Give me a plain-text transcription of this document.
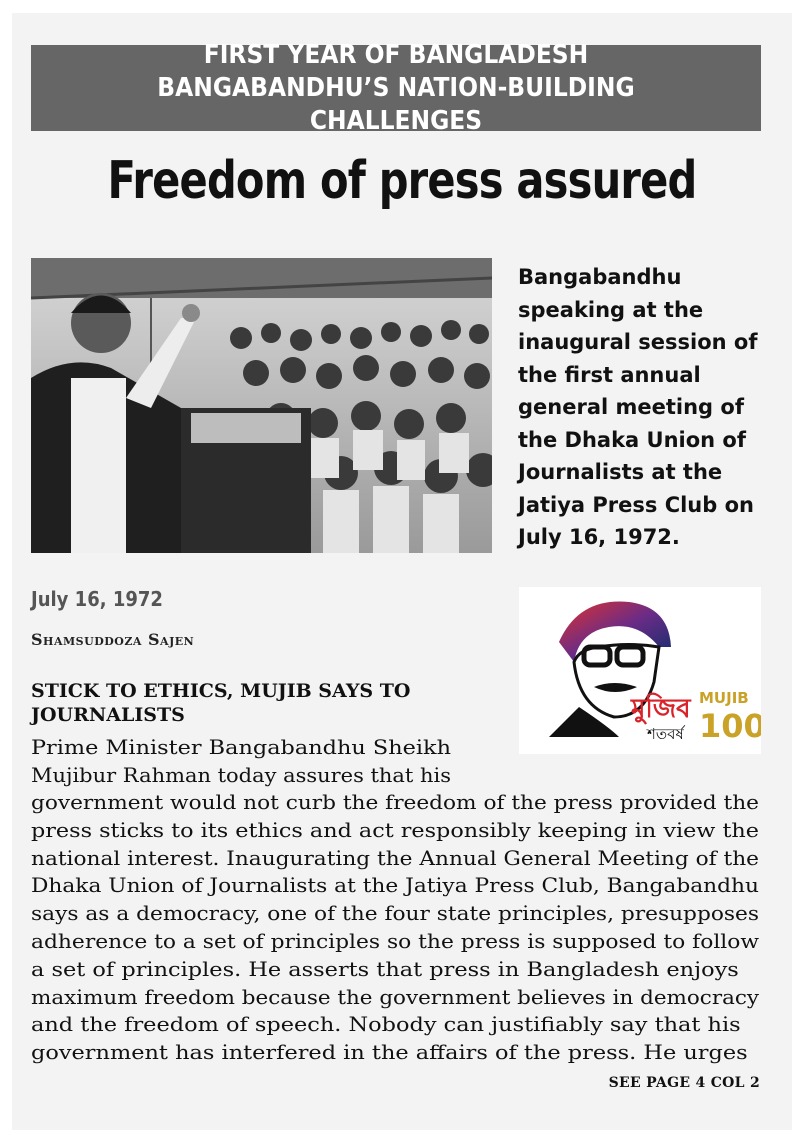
FIRST YEAR OF BANGLADESH
BANGABANDHU’S NATION-BUILDING CHALLENGES
Freedom of press assured
Bangabandhu speaking at the inaugural session of the first annual general meeting of the Dhaka Union of Journalists at the Jatiya Press Club on July 16, 1972.
July 16, 1972
Shamsuddoza Sajen
মুজিব
শতবর্ষ
MUJIB
100
STICK TO ETHICS, MUJIB SAYS TO JOURNALISTS
Prime Minister Bangabandhu Sheikh
Mujibur Rahman today assures that his
government would not curb the freedom of the press provided the
press sticks to its ethics and act responsibly keeping in view the
national interest. Inaugurating the Annual General Meeting of the
Dhaka Union of Journalists at the Jatiya Press Club, Bangabandhu
says as a democracy, one of the four state principles, presupposes
adherence to a set of principles so the press is supposed to follow
a set of principles. He asserts that press in Bangladesh enjoys
maximum freedom because the government believes in democracy
and the freedom of speech. Nobody can justifiably say that his
government has interfered in the affairs of the press. He urges
SEE PAGE 4 COL 2
